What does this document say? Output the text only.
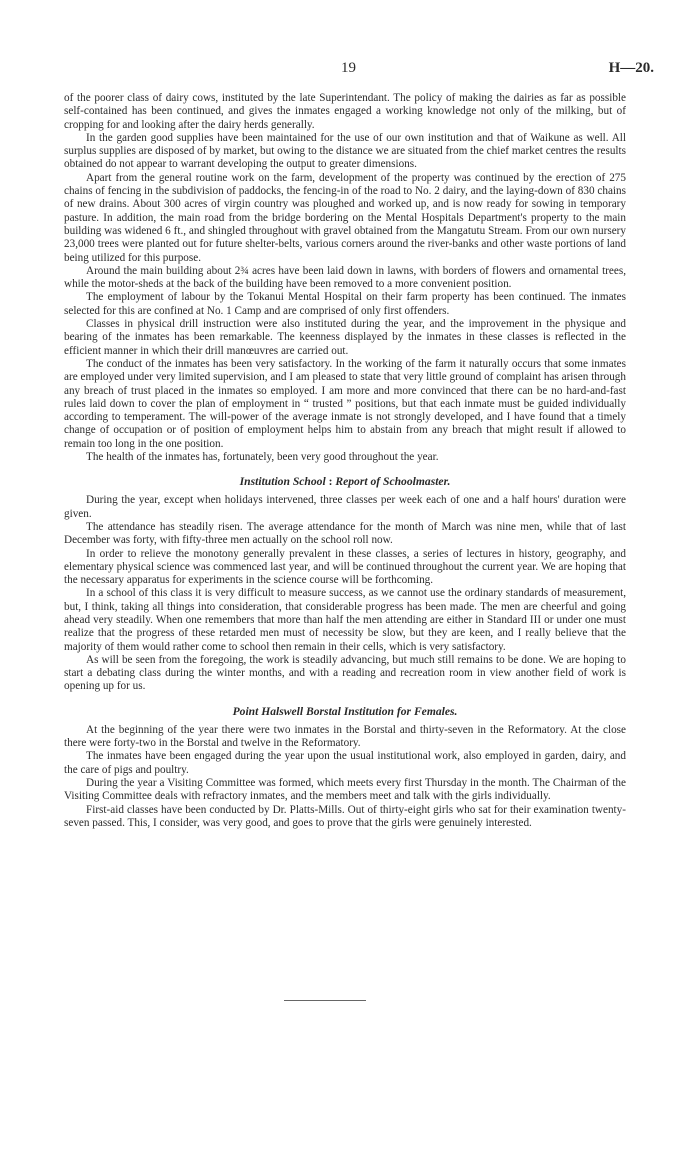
19	H—20.

of the poorer class of dairy cows, instituted by the late Superintendant. The policy of making the dairies as far as possible self-contained has been continued, and gives the inmates engaged a working knowledge not only of the milking, but of cropping for and looking after the dairy herds generally.

In the garden good supplies have been maintained for the use of our own institution and that of Waikune as well. All surplus supplies are disposed of by market, but owing to the distance we are situated from the chief market centres the results obtained do not appear to warrant developing the output to greater dimensions.

Apart from the general routine work on the farm, development of the property was continued by the erection of 275 chains of fencing in the subdivision of paddocks, the fencing-in of the road to No. 2 dairy, and the laying-down of 830 chains of new drains. About 300 acres of virgin country was ploughed and worked up, and is now ready for sowing in temporary pasture. In addition, the main road from the bridge bordering on the Mental Hospitals Department's property to the main building was widened 6 ft., and shingled throughout with gravel obtained from the Mangatutu Stream. From our own nursery 23,000 trees were planted out for future shelter-belts, various corners around the river-banks and other waste portions of land being utilized for this purpose.

Around the main building about 2¾ acres have been laid down in lawns, with borders of flowers and ornamental trees, while the motor-sheds at the back of the building have been removed to a more convenient position.

The employment of labour by the Tokanui Mental Hospital on their farm property has been continued. The inmates selected for this are confined at No. 1 Camp and are comprised of only first offenders.

Classes in physical drill instruction were also instituted during the year, and the improvement in the physique and bearing of the inmates has been remarkable. The keenness displayed by the inmates in these classes is reflected in the efficient manner in which their drill manœuvres are carried out.

The conduct of the inmates has been very satisfactory. In the working of the farm it naturally occurs that some inmates are employed under very limited supervision, and I am pleased to state that very little ground of complaint has arisen through any breach of trust placed in the inmates so employed. I am more and more convinced that there can be no hard-and-fast rules laid down to cover the plan of employment in “ trusted ” positions, but that each inmate must be guided individually according to temperament. The will-power of the average inmate is not strongly developed, and I have found that a timely change of occupation or of position of employment helps him to abstain from any breach that might result if allowed to remain too long in the one position.

The health of the inmates has, fortunately, been very good throughout the year.

Institution School : Report of Schoolmaster.

During the year, except when holidays intervened, three classes per week each of one and a half hours' duration were given.

The attendance has steadily risen. The average attendance for the month of March was nine men, while that of last December was forty, with fifty-three men actually on the school roll now.

In order to relieve the monotony generally prevalent in these classes, a series of lectures in history, geography, and elementary physical science was commenced last year, and will be continued throughout the current year. We are hoping that the necessary apparatus for experiments in the science course will be forthcoming.

In a school of this class it is very difficult to measure success, as we cannot use the ordinary standards of measurement, but, I think, taking all things into consideration, that considerable progress has been made. The men are cheerful and going ahead very steadily. When one remembers that more than half the men attending are either in Standard III or under one must realize that the progress of these retarded men must of necessity be slow, but they are keen, and I really believe that the majority of them would rather come to school then remain in their cells, which is very satisfactory.

As will be seen from the foregoing, the work is steadily advancing, but much still remains to be done. We are hoping to start a debating class during the winter months, and with a reading and recreation room in view another field of work is opening up for us.

Point Halswell Borstal Institution for Females.

At the beginning of the year there were two inmates in the Borstal and thirty-seven in the Reformatory. At the close there were forty-two in the Borstal and twelve in the Reformatory.

The inmates have been engaged during the year upon the usual institutional work, also employed in garden, dairy, and the care of pigs and poultry.

During the year a Visiting Committee was formed, which meets every first Thursday in the month. The Chairman of the Visiting Committee deals with refractory inmates, and the members meet and talk with the girls individually.

First-aid classes have been conducted by Dr. Platts-Mills. Out of thirty-eight girls who sat for their examination twenty-seven passed. This, I consider, was very good, and goes to prove that the girls were genuinely interested.
